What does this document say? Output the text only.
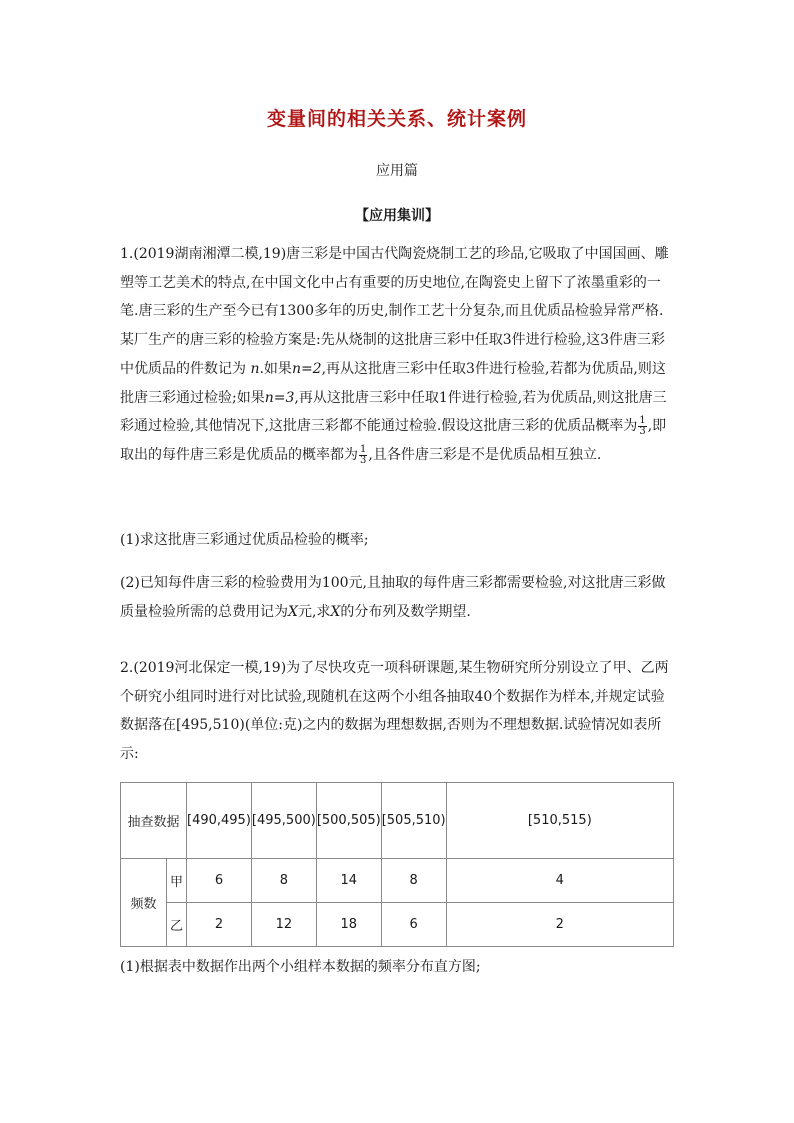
变量间的相关关系、统计案例
应用篇
【应用集训】

1.(2019湖南湘潭二模,19)唐三彩是中国古代陶瓷烧制工艺的珍品,它吸取了中国国画、雕塑等工艺美术的特点,在中国文化中占有重要的历史地位,在陶瓷史上留下了浓墨重彩的一笔.唐三彩的生产至今已有1300多年的历史,制作工艺十分复杂,而且优质品检验异常严格.某厂生产的唐三彩的检验方案是:先从烧制的这批唐三彩中任取3件进行检验,这3件唐三彩中优质品的件数记为 n.如果n=2,再从这批唐三彩中任取3件进行检验,若都为优质品,则这批唐三彩通过检验;如果n=3,再从这批唐三彩中任取1件进行检验,若为优质品,则这批唐三彩通过检验,其他情况下,这批唐三彩都不能通过检验.假设这批唐三彩的优质品概率为 $\frac{1}{3}$ ,即取出的每件唐三彩是优质品的概率都为 $\frac{1}{3}$ ,且各件唐三彩是不是优质品相互独立.

(1)求这批唐三彩通过优质品检验的概率;

(2)已知每件唐三彩的检验费用为100元,且抽取的每件唐三彩都需要检验,对这批唐三彩做质量检验所需的总费用记为X元,求X的分布列及数学期望.

2.(2019河北保定一模,19)为了尽快攻克一项科研课题,某生物研究所分别设立了甲、乙两个研究小组同时进行对比试验,现随机在这两个小组各抽取40个数据作为样本,并规定试验数据落在[495,510)(单位:克)之内的数据为理想数据,否则为不理想数据.试验情况如表所示:

抽查数据		[490,495)	[495,500)	[500,505)	[505,510)	[510,515)
频数	甲	6	8	14	8	4
	乙	2	12	18	6	2

(1)根据表中数据作出两个小组样本数据的频率分布直方图;
